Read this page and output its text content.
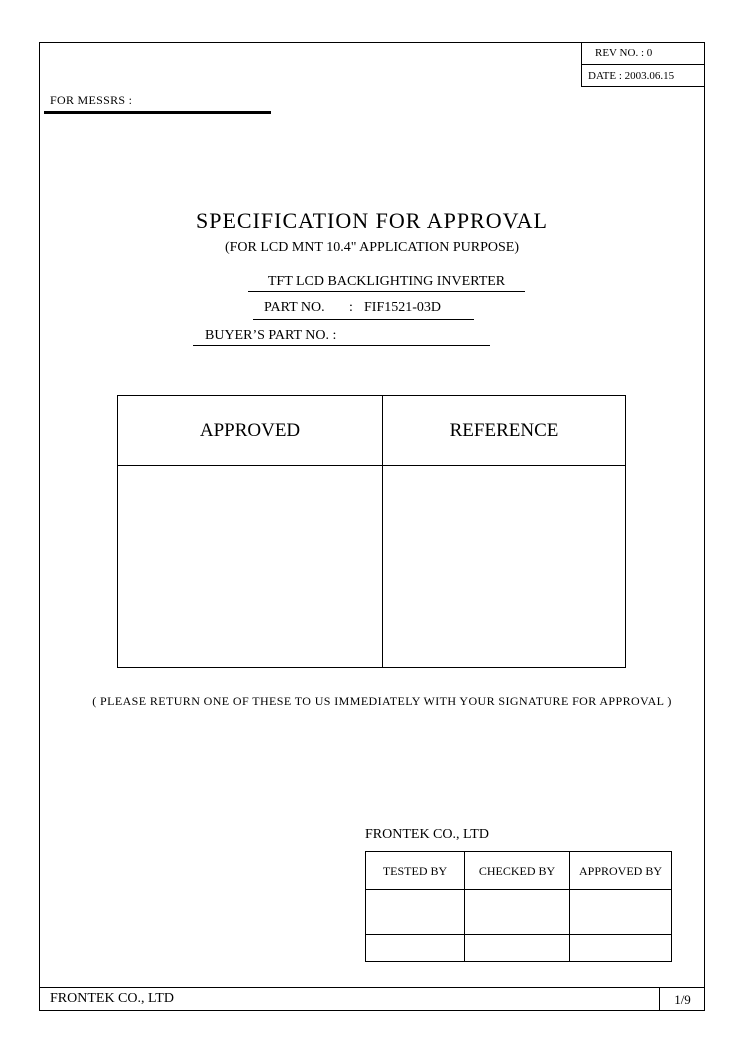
REV NO. : 0
DATE : 2003.06.15
FOR MESSRS :
SPECIFICATION FOR APPROVAL
(FOR LCD MNT 10.4" APPLICATION PURPOSE)
TFT LCD BACKLIGHTING INVERTER
PART NO. : FIF1521-03D
BUYER’S PART NO. :
APPROVED	REFERENCE
( PLEASE RETURN ONE OF THESE TO US IMMEDIATELY WITH YOUR SIGNATURE FOR APPROVAL )
FRONTEK CO., LTD
TESTED BY	CHECKED BY	APPROVED BY
FRONTEK CO., LTD	1/9
